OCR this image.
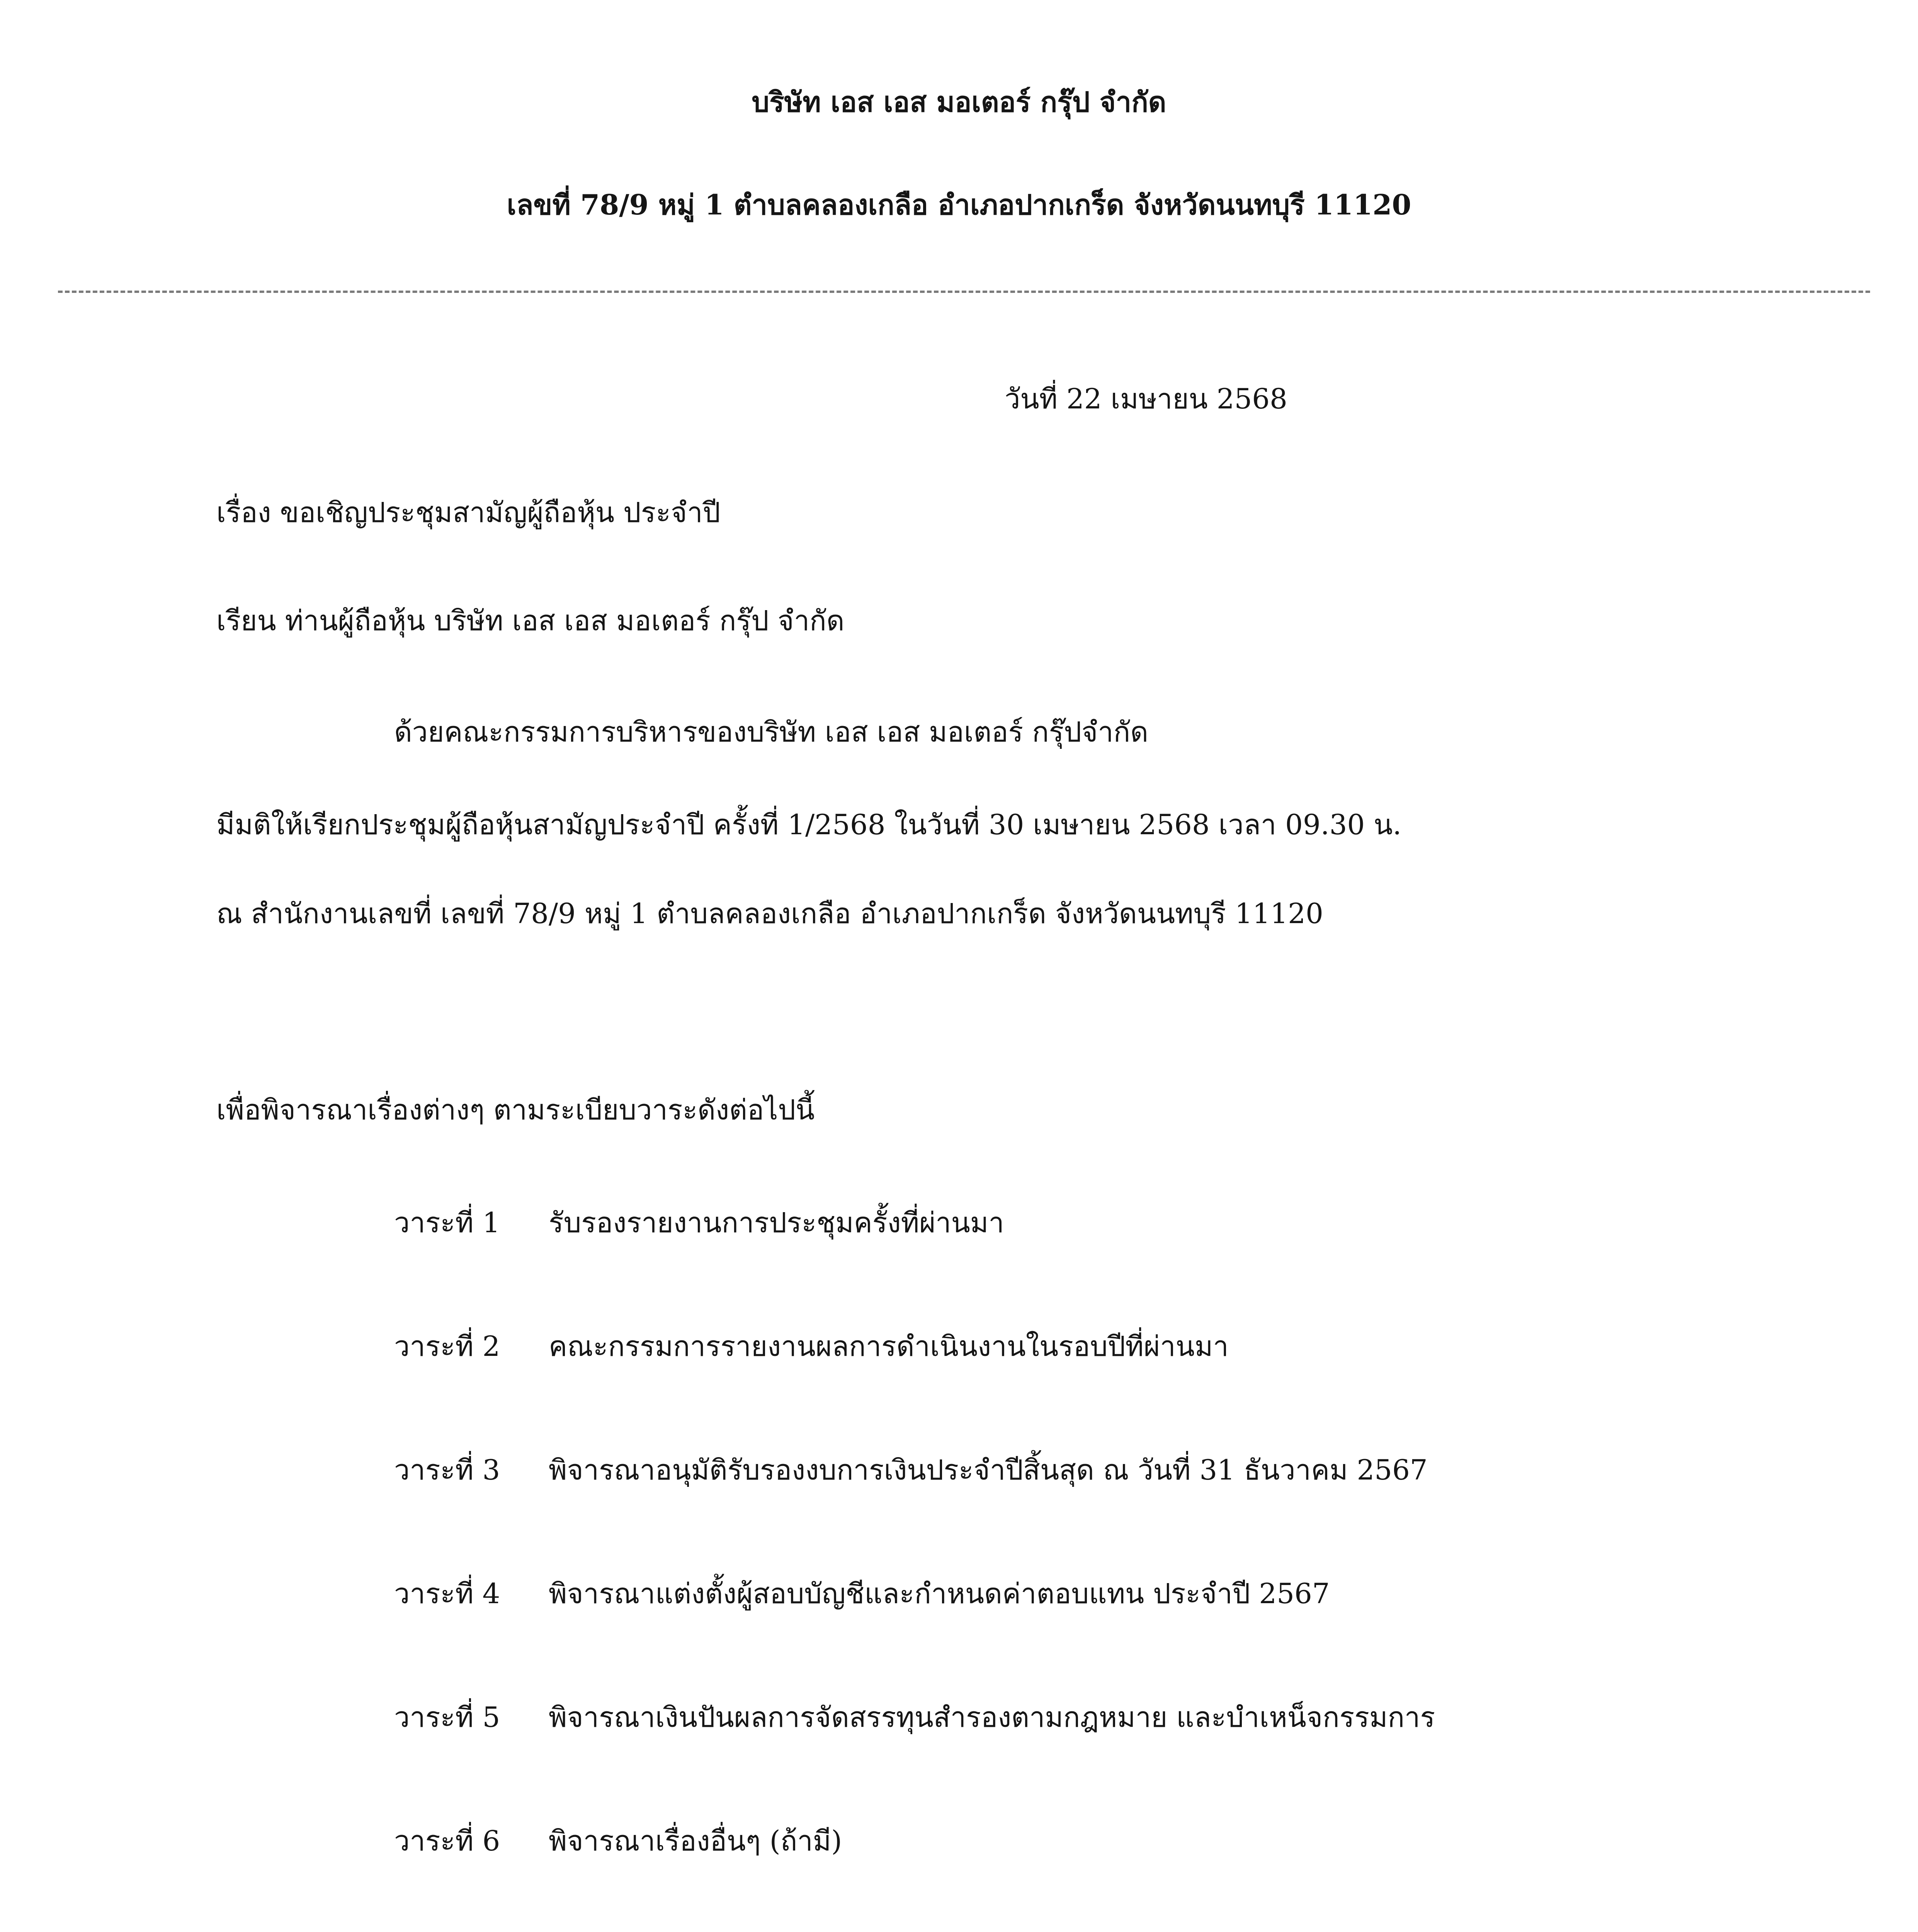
บริษัท เอส เอส มอเตอร์ กรุ๊ป จำกัด
เลขที่ 78/9 หมู่ 1 ตำบลคลองเกลือ อำเภอปากเกร็ด จังหวัดนนทบุรี 11120
วันที่ 22 เมษายน 2568
เรื่อง ขอเชิญประชุมสามัญผู้ถือหุ้น ประจำปี
เรียน ท่านผู้ถือหุ้น บริษัท เอส เอส มอเตอร์ กรุ๊ป จำกัด
ด้วยคณะกรรมการบริหารของบริษัท เอส เอส มอเตอร์ กรุ๊ปจำกัด
มีมติให้เรียกประชุมผู้ถือหุ้นสามัญประจำปี ครั้งที่ 1/2568 ในวันที่ 30 เมษายน 2568 เวลา 09.30 น.
ณ สำนักงานเลขที่ เลขที่ 78/9 หมู่ 1 ตำบลคลองเกลือ อำเภอปากเกร็ด จังหวัดนนทบุรี 11120
เพื่อพิจารณาเรื่องต่างๆ ตามระเบียบวาระดังต่อไปนี้
วาระที่ 1 รับรองรายงานการประชุมครั้งที่ผ่านมา
วาระที่ 2 คณะกรรมการรายงานผลการดำเนินงานในรอบปีที่ผ่านมา
วาระที่ 3 พิจารณาอนุมัติรับรองงบการเงินประจำปีสิ้นสุด ณ วันที่ 31 ธันวาคม 2567
วาระที่ 4 พิจารณาแต่งตั้งผู้สอบบัญชีและกำหนดค่าตอบแทน ประจำปี 2567
วาระที่ 5 พิจารณาเงินปันผลการจัดสรรทุนสำรองตามกฎหมาย และบำเหน็จกรรมการ
วาระที่ 6 พิจารณาเรื่องอื่นๆ (ถ้ามี)
